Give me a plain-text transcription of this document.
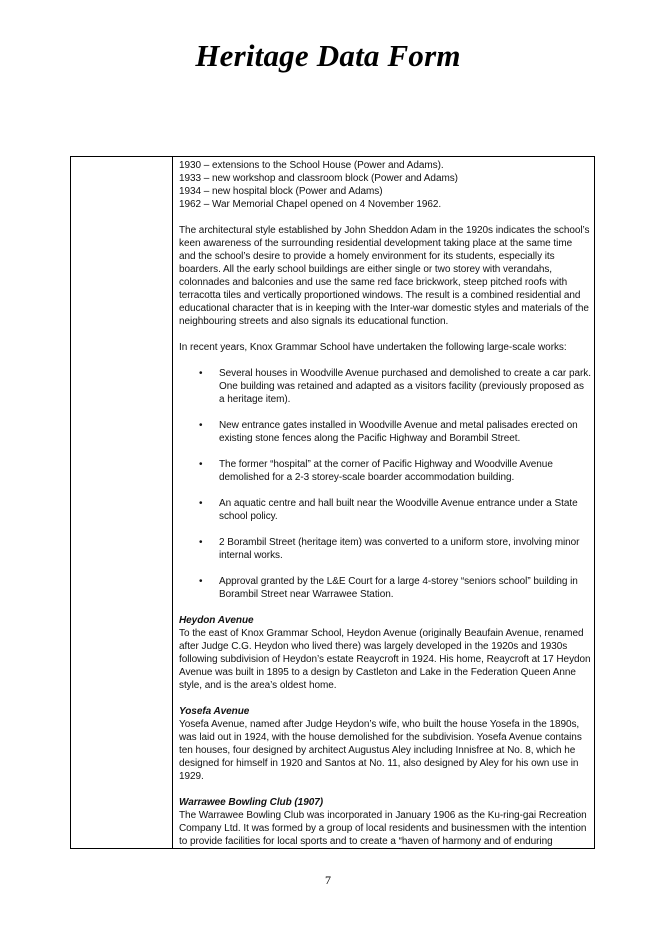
Heritage Data Form

1930 – extensions to the School House (Power and Adams).

1933 – new workshop and classroom block (Power and Adams)

1934 – new hospital block (Power and Adams)

1962 – War Memorial Chapel opened on 4 November 1962.

The architectural style established by John Sheddon Adam in the 1920s indicates the school’s keen awareness of the surrounding residential development taking place at the same time and the school’s desire to provide a homely environment for its students, especially its boarders. All the early school buildings are either single or two storey with verandahs, colonnades and balconies and use the same red face brickwork, steep pitched roofs with terracotta tiles and vertically proportioned windows. The result is a combined residential and educational character that is in keeping with the Inter-war domestic styles and materials of the neighbouring streets and also signals its educational function.

In recent years, Knox Grammar School have undertaken the following large-scale works:

• Several houses in Woodville Avenue purchased and demolished to create a car park. One building was retained and adapted as a visitors facility (previously proposed as a heritage item).
• New entrance gates installed in Woodville Avenue and metal palisades erected on existing stone fences along the Pacific Highway and Borambil Street.
• The former “hospital” at the corner of Pacific Highway and Woodville Avenue demolished for a 2-3 storey-scale boarder accommodation building.
• An aquatic centre and hall built near the Woodville Avenue entrance under a State school policy.
• 2 Borambil Street (heritage item) was converted to a uniform store, involving minor internal works.
• Approval granted by the L&E Court for a large 4-storey “seniors school” building in Borambil Street near Warrawee Station.

Heydon Avenue

To the east of Knox Grammar School, Heydon Avenue (originally Beaufain Avenue, renamed after Judge C.G. Heydon who lived there) was largely developed in the 1920s and 1930s following subdivision of Heydon’s estate Reaycroft in 1924. His home, Reaycroft at 17 Heydon Avenue was built in 1895 to a design by Castleton and Lake in the Federation Queen Anne style, and is the area’s oldest home.

Yosefa Avenue

Yosefa Avenue, named after Judge Heydon’s wife, who built the house Yosefa in the 1890s, was laid out in 1924, with the house demolished for the subdivision. Yosefa Avenue contains ten houses, four designed by architect Augustus Aley including Innisfree at No. 8, which he designed for himself in 1920 and Santos at No. 11, also designed by Aley for his own use in 1929.

Warrawee Bowling Club (1907)

The Warrawee Bowling Club was incorporated in January 1906 as the Ku-ring-gai Recreation Company Ltd. It was formed by a group of local residents and businessmen with the intention to provide facilities for local sports and to create a “haven of harmony and of enduring

7
